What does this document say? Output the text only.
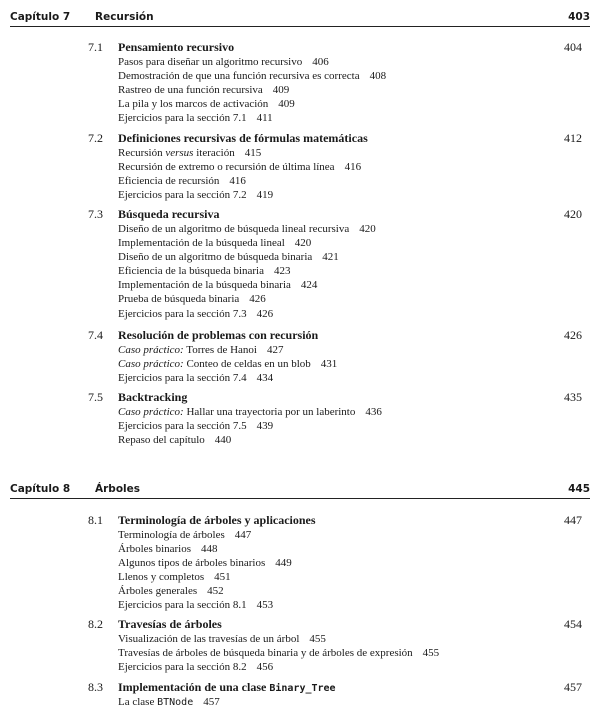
Capítulo 7 Recursión	403
7.1 Pensamiento recursivo	404
Pasos para diseñar un algoritmo recursivo 406
Demostración de que una función recursiva es correcta 408
Rastreo de una función recursiva 409
La pila y los marcos de activación 409
Ejercicios para la sección 7.1 411
7.2 Definiciones recursivas de fórmulas matemáticas	412
Recursión versus iteración 415
Recursión de extremo o recursión de última línea 416
Eficiencia de recursión 416
Ejercicios para la sección 7.2 419
7.3 Búsqueda recursiva	420
Diseño de un algoritmo de búsqueda lineal recursiva 420
Implementación de la búsqueda lineal 420
Diseño de un algoritmo de búsqueda binaria 421
Eficiencia de la búsqueda binaria 423
Implementación de la búsqueda binaria 424
Prueba de búsqueda binaria 426
Ejercicios para la sección 7.3 426
7.4 Resolución de problemas con recursión	426
Caso práctico: Torres de Hanoi 427
Caso práctico: Conteo de celdas en un blob 431
Ejercicios para la sección 7.4 434
7.5 Backtracking	435
Caso práctico: Hallar una trayectoria por un laberinto 436
Ejercicios para la sección 7.5 439
Repaso del capítulo 440
Capítulo 8 Árboles	445
8.1 Terminología de árboles y aplicaciones	447
Terminología de árboles 447
Árboles binarios 448
Algunos tipos de árboles binarios 449
Llenos y completos 451
Árboles generales 452
Ejercicios para la sección 8.1 453
8.2 Travesías de árboles	454
Visualización de las travesías de un árbol 455
Travesías de árboles de búsqueda binaria y de árboles de expresión 455
Ejercicios para la sección 8.2 456
8.3 Implementación de una clase Binary_Tree	457
La clase BTNode 457
